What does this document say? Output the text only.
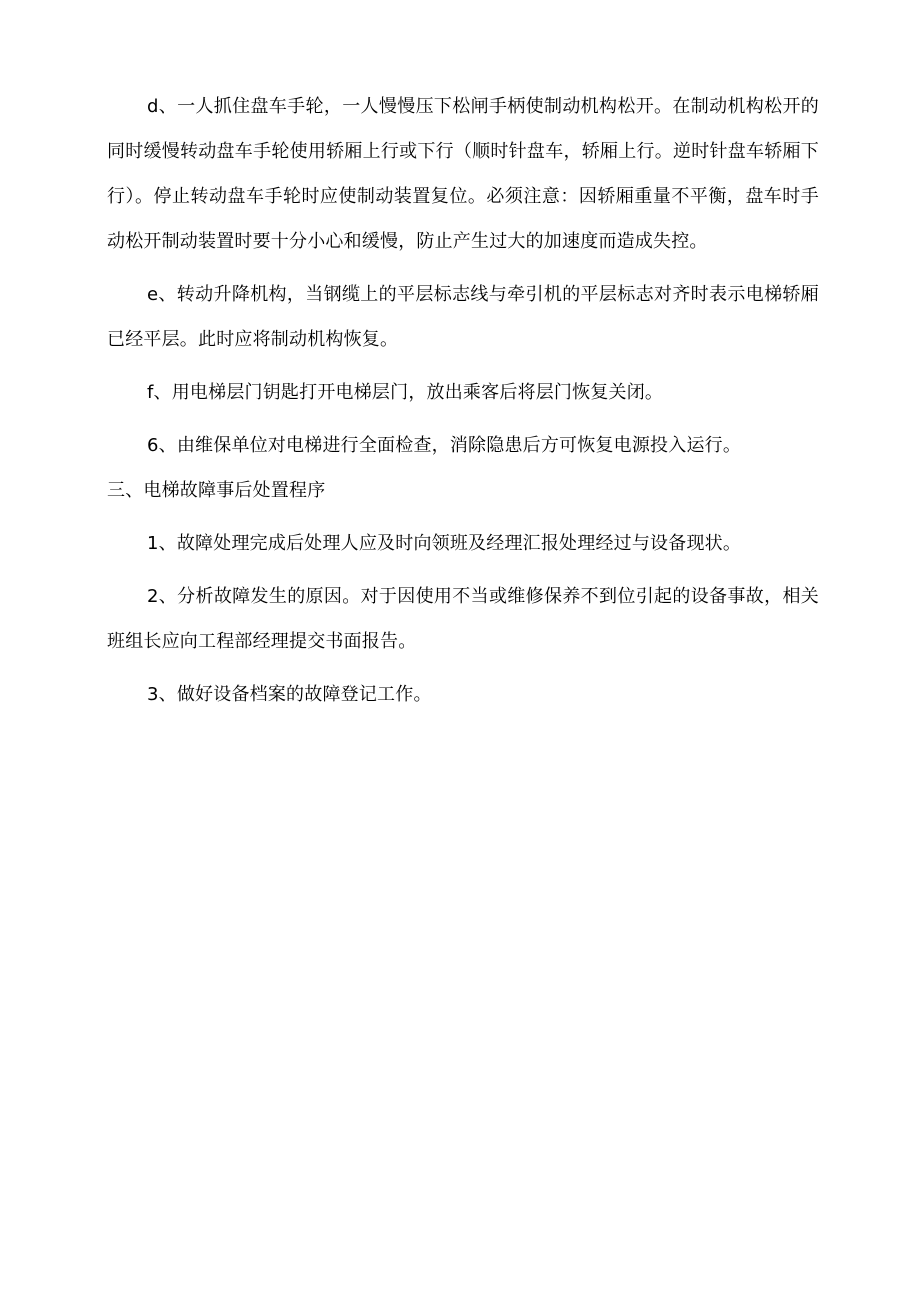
d、一人抓住盘车手轮，一人慢慢压下松闸手柄使制动机构松开。在制动机构松开的同时缓慢转动盘车手轮使用轿厢上行或下行（顺时针盘车，轿厢上行。逆时针盘车轿厢下行）。停止转动盘车手轮时应使制动装置复位。必须注意：因轿厢重量不平衡，盘车时手动松开制动装置时要十分小心和缓慢，防止产生过大的加速度而造成失控。

e、转动升降机构，当钢缆上的平层标志线与牵引机的平层标志对齐时表示电梯轿厢已经平层。此时应将制动机构恢复。

f、用电梯层门钥匙打开电梯层门，放出乘客后将层门恢复关闭。

6、由维保单位对电梯进行全面检查，消除隐患后方可恢复电源投入运行。

三、电梯故障事后处置程序

1、故障处理完成后处理人应及时向领班及经理汇报处理经过与设备现状。

2、分析故障发生的原因。对于因使用不当或维修保养不到位引起的设备事故，相关班组长应向工程部经理提交书面报告。

3、做好设备档案的故障登记工作。
